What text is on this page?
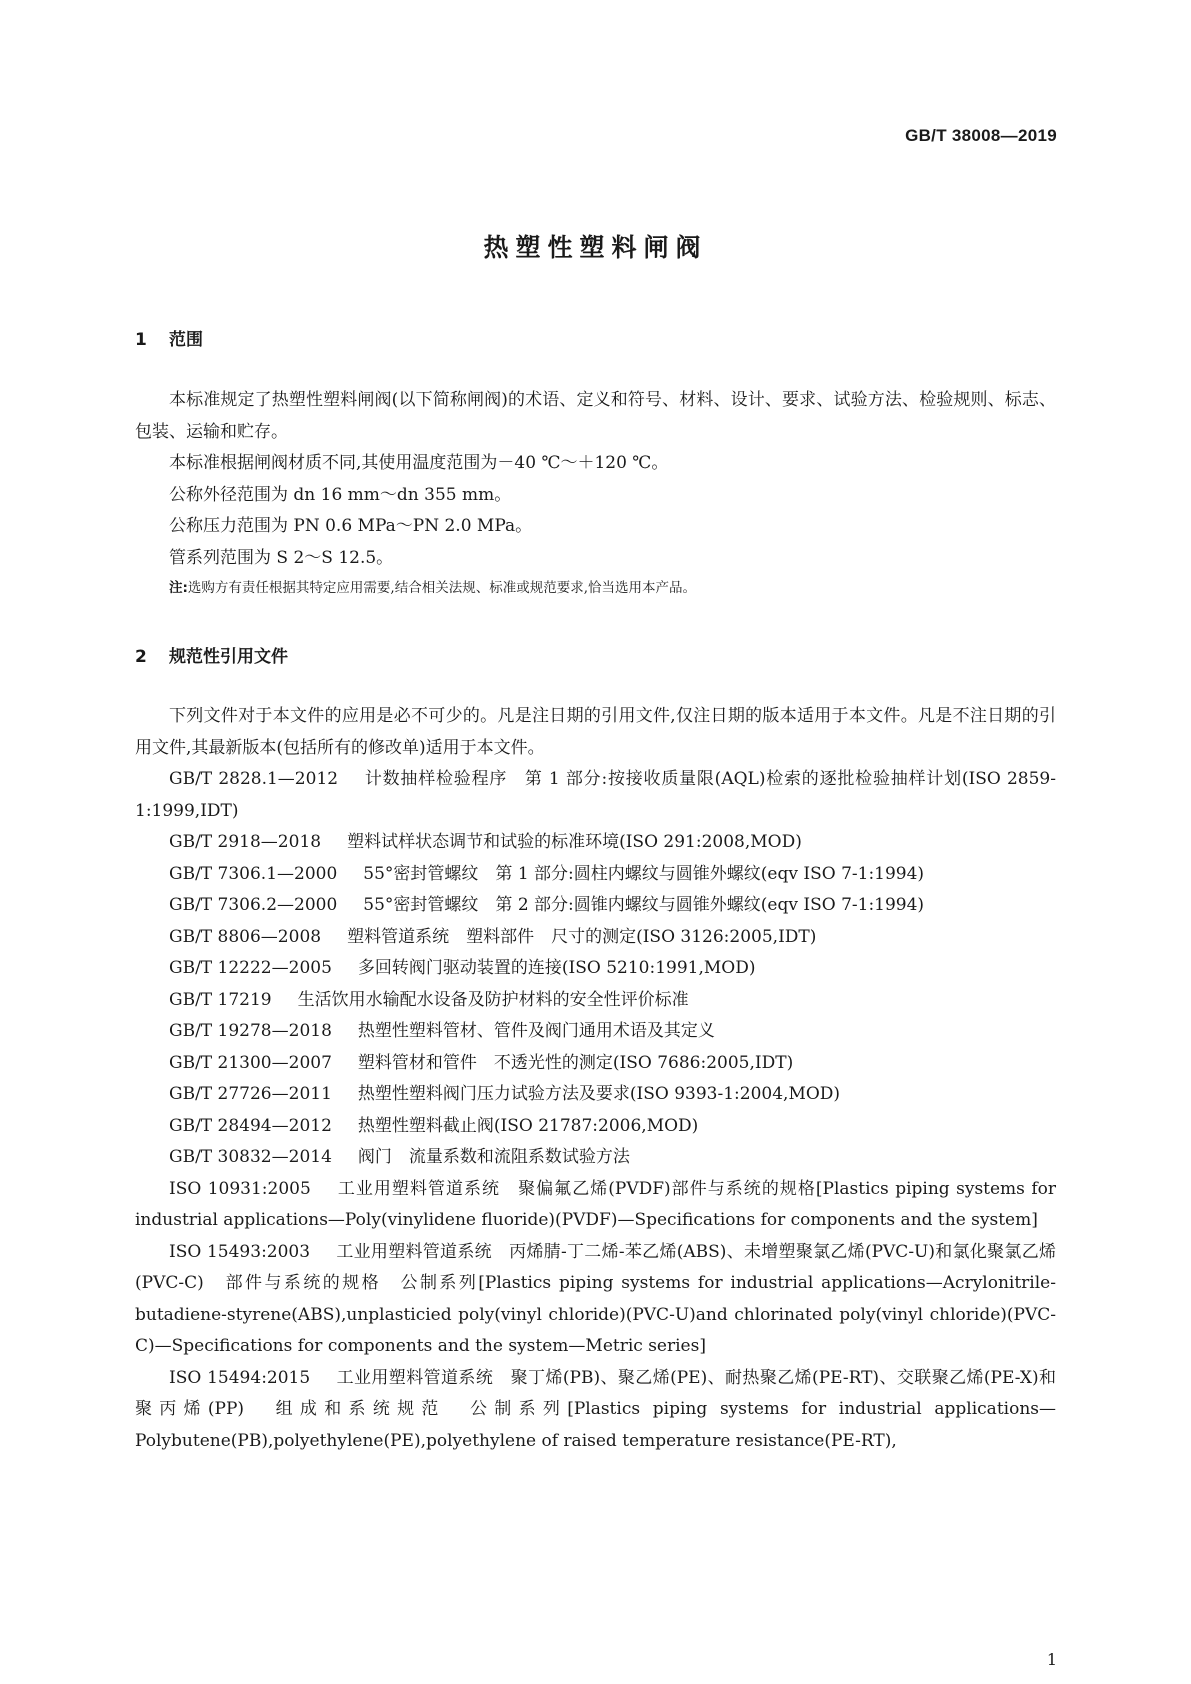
GB/T 38008—2019
热塑性塑料闸阀
1 范围

本标准规定了热塑性塑料闸阀(以下简称闸阀)的术语、定义和符号、材料、设计、要求、试验方法、检验规则、标志、包装、运输和贮存。

本标准根据闸阀材质不同,其使用温度范围为－40 ℃～＋120 ℃。

公称外径范围为 dn 16 mm～dn 355 mm。

公称压力范围为 PN 0.6 MPa～PN 2.0 MPa。

管系列范围为 S 2～S 12.5。

注:选购方有责任根据其特定应用需要,结合相关法规、标准或规范要求,恰当选用本产品。

2 规范性引用文件

下列文件对于本文件的应用是必不可少的。凡是注日期的引用文件,仅注日期的版本适用于本文件。凡是不注日期的引用文件,其最新版本(包括所有的修改单)适用于本文件。

GB/T 2828.1—2012 计数抽样检验程序　第 1 部分:按接收质量限(AQL)检索的逐批检验抽样计划(ISO 2859-1:1999,IDT)

GB/T 2918—2018 塑料试样状态调节和试验的标准环境(ISO 291:2008,MOD)

GB/T 7306.1—2000 55°密封管螺纹　第 1 部分:圆柱内螺纹与圆锥外螺纹(eqv ISO 7-1:1994)

GB/T 7306.2—2000 55°密封管螺纹　第 2 部分:圆锥内螺纹与圆锥外螺纹(eqv ISO 7-1:1994)

GB/T 8806—2008 塑料管道系统　塑料部件　尺寸的测定(ISO 3126:2005,IDT)

GB/T 12222—2005 多回转阀门驱动装置的连接(ISO 5210:1991,MOD)

GB/T 17219 生活饮用水输配水设备及防护材料的安全性评价标准

GB/T 19278—2018 热塑性塑料管材、管件及阀门通用术语及其定义

GB/T 21300—2007 塑料管材和管件　不透光性的测定(ISO 7686:2005,IDT)

GB/T 27726—2011 热塑性塑料阀门压力试验方法及要求(ISO 9393-1:2004,MOD)

GB/T 28494—2012 热塑性塑料截止阀(ISO 21787:2006,MOD)

GB/T 30832—2014 阀门　流量系数和流阻系数试验方法

ISO 10931:2005 工业用塑料管道系统　聚偏氟乙烯(PVDF)部件与系统的规格[Plastics piping systems for industrial applications—Poly(vinylidene fluoride)(PVDF)—Specifications for components and the system]

ISO 15493:2003 工业用塑料管道系统　丙烯腈-丁二烯-苯乙烯(ABS)、未增塑聚氯乙烯(PVC-U)和氯化聚氯乙烯(PVC-C)　部件与系统的规格　公制系列[Plastics piping systems for industrial applications—Acrylonitrile-butadiene-styrene(ABS),unplasticied poly(vinyl chloride)(PVC-U)and chlorinated poly(vinyl chloride)(PVC-C)—Specifications for components and the system—Metric series]

ISO 15494:2015 工业用塑料管道系统　聚丁烯(PB)、聚乙烯(PE)、耐热聚乙烯(PE-RT)、交联聚乙烯(PE-X)和聚丙烯(PP)　组成和系统规范　公制系列[Plastics piping systems for industrial applications—Polybutene(PB),polyethylene(PE),polyethylene of raised temperature resistance(PE-RT),

1
